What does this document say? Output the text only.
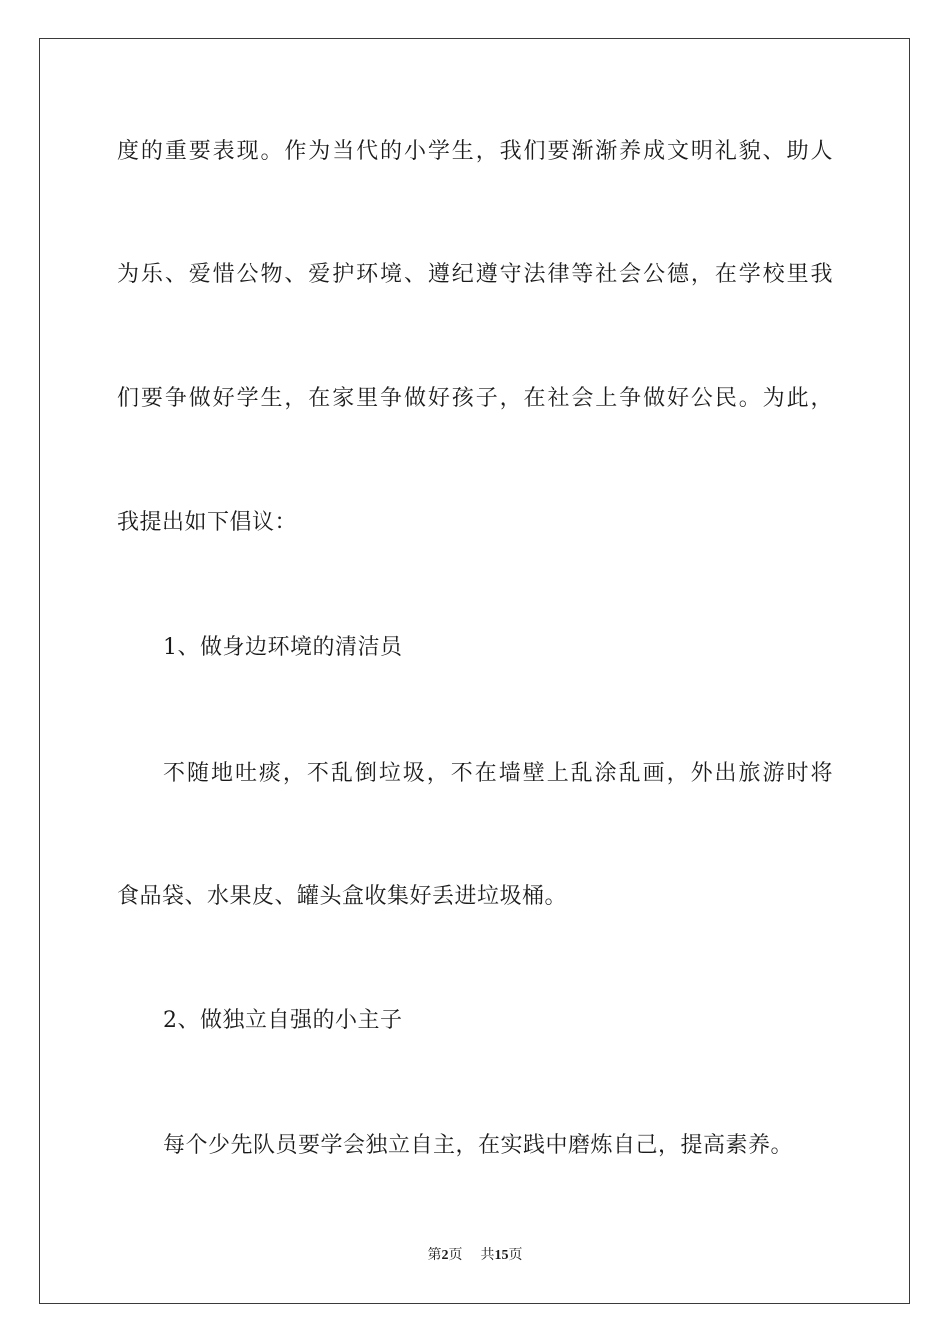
度的重要表现。作为当代的小学生，我们要渐渐养成文明礼貌、助人
为乐、爱惜公物、爱护环境、遵纪遵守法律等社会公德，在学校里我
们要争做好学生，在家里争做好孩子，在社会上争做好公民。为此，
我提出如下倡议：
1、做身边环境的清洁员
不随地吐痰，不乱倒垃圾，不在墙壁上乱涂乱画，外出旅游时将
食品袋、水果皮、罐头盒收集好丢进垃圾桶。
2、做独立自强的小主子
每个少先队员要学会独立自主，在实践中磨炼自己，提高素养。
第2页 共15页
